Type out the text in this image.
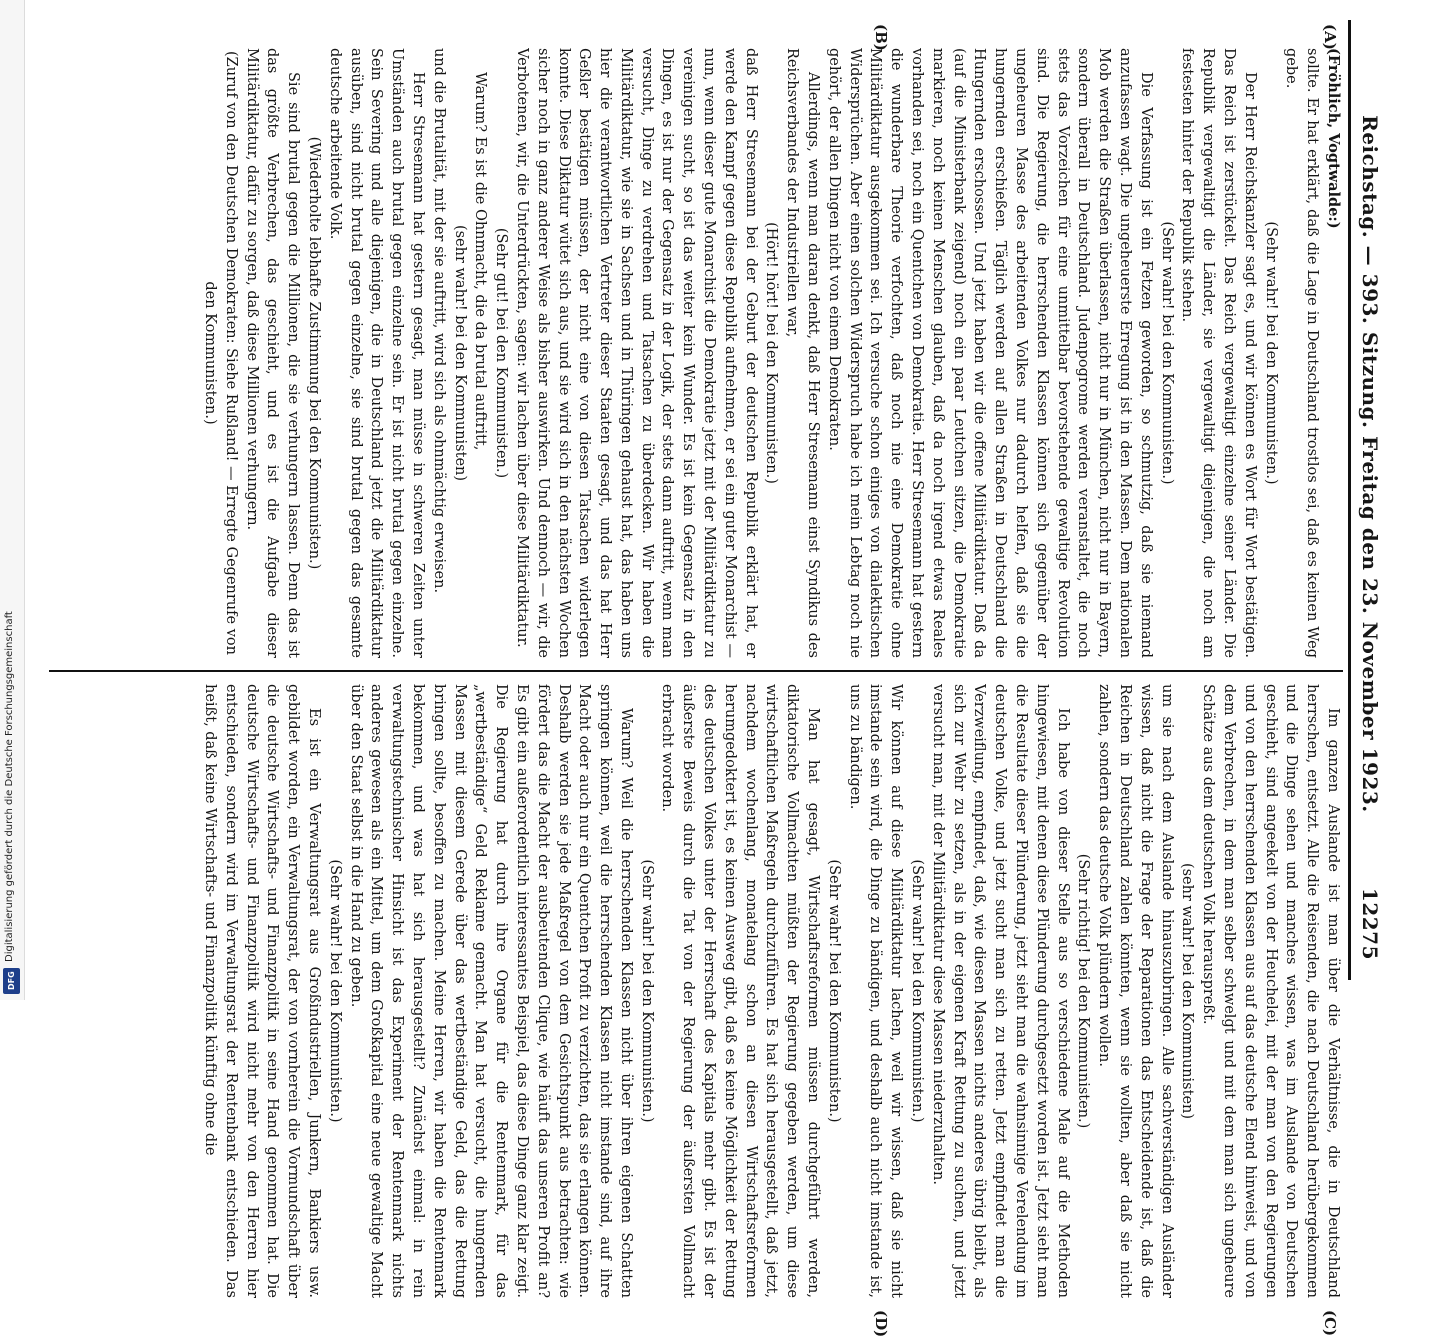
Digitalisierung gefördert durch die Deutsche Forschungsgemeinschaft
DFG
Reichstag. — 393. Sitzung. Freitag den 23. November 1923.
12275
(A)
(B)
(C)
(D)

(Fröhlich, Vogtwalde:)

sollte. Er hat erklärt, daß die Lage in Deutschland trostlos sei, daß es keinen Weg gebe.

(Sehr wahr! bei den Kommunisten.)

Der Herr Reichskanzler sagt es, und wir können es Wort für Wort bestätigen. Das Reich ist zerstückelt. Das Reich vergewaltigt einzelne seiner Länder. Die Republik vergewaltigt die Länder, sie vergewaltigt diejenigen, die noch am festesten hinter der Republik stehen.

(Sehr wahr! bei den Kommunisten.)

Die Verfassung ist ein Fetzen geworden, so schmutzig, daß sie niemand anzufassen wagt. Die ungeheuerste Erregung ist in den Massen. Dem nationalen Mob werden die Straßen überlassen, nicht nur in München, nicht nur in Bayern, sondern überall in Deutschland. Judenpogrome werden veranstaltet, die noch stets das Vorzeichen für eine unmittelbar bevorstehende gewaltige Revolution sind. Die Regierung, die herrschenden Klassen können sich gegenüber der ungeheuren Masse des arbeitenden Volkes nur dadurch helfen, daß sie die hungernden erschießen. Täglich werden auf allen Straßen in Deutschland die Hungernden erschossen. Und jetzt haben wir die offene Militärdiktatur. Daß da (auf die Ministerbank zeigend) noch ein paar Leutchen sitzen, die Demokratie markieren, noch keinen Menschen glauben, daß da noch irgend etwas Reales vorhanden sei, noch ein Quentchen von Demokratie. Herr Stresemann hat gestern die wunderbare Theorie verfochten, daß noch nie eine Demokratie ohne Militärdiktatur ausgekommen sei. Ich versuche schon einiges von dialektischen Widersprüchen. Aber einen solchen Widerspruch habe ich mein Lebtag noch nie gehört, der allen Dingen nicht von einem Demokraten.

Allerdings, wenn man daran denkt, daß Herr Stresemann einst Syndikus des Reichsverbandes der Industriellen war,

(Hört! hört! bei den Kommunisten.)

daß Herr Stresemann bei der Geburt der deutschen Republik erklärt hat, er werde den Kampf gegen diese Republik aufnehmen, er sei ein guter Monarchist — nun, wenn dieser gute Monarchist die Demokratie jetzt mit der Militärdiktatur zu vereinigen sucht, so ist das weiter kein Wunder. Es ist kein Gegensatz in den Dingen, es ist nur der Gegensatz in der Logik, der stets dann auftritt, wenn man versucht, Dinge zu verdrehen und Tatsachen zu überdecken. Wir haben die Militärdiktatur, wie sie in Sachsen und in Thüringen gehaust hat, das haben uns hier die verantwortlichen Vertreter dieser Staaten gesagt, und das hat Herr Geßler bestätigen müssen, der nicht eine von diesen Tatsachen widerlegen konnte. Diese Diktatur wütet sich aus, und sie wird sich in den nächsten Wochen sicher noch in ganz anderer Weise als bisher auswirken. Und dennoch — wir, die Verbotenen, wir, die Unterdrückten, sagen: wir lachen über diese Militärdiktatur.

(Sehr gut! bei den Kommunisten.)

Warum? Es ist die Ohnmacht, die da brutal auftritt,

(sehr wahr! bei den Kommunisten)

und die Brutalität, mit der sie auftritt, wird sich als ohnmächtig erweisen.

Herr Stresemann hat gestern gesagt, man müsse in schweren Zeiten unter Umständen auch brutal gegen einzelne sein. Er ist nicht brutal gegen einzelne. Sein Severing und alle diejenigen, die in Deutschland jetzt die Militärdiktatur ausüben, sind nicht brutal gegen einzelne, sie sind brutal gegen das gesamte deutsche arbeitende Volk.

(Wiederholte lebhafte Zustimmung bei den Kommunisten.)

Sie sind brutal gegen die Millionen, die sie verhungern lassen. Denn das ist das größte Verbrechen, das geschieht, und es ist die Aufgabe dieser Militärdiktatur, dafür zu sorgen, daß diese Millionen verhungern.

(Zuruf von den Deutschen Demokraten: Siehe Rußland! — Erregte Gegenrufe von den Kommunisten.)

Im ganzen Auslande ist man über die Verhältnisse, die in Deutschland herrschen, entsetzt. Alle die Reisenden, die nach Deutschland herübergekommen und die Dinge sehen und manches wissen, was im Auslande von Deutschen geschieht, sind angeekelt von der Heuchelei, mit der man von den Regierungen und von den herrschenden Klassen aus auf das deutsche Elend hinweist, und von dem Verbrechen, in dem man selber schwelgt und mit dem man sich ungeheure Schätze aus dem deutschen Volk herauspreßt.

(sehr wahr! bei den Kommunisten)

um sie nach dem Auslande hinauszubringen. Alle sachverständigen Ausländer wissen, daß nicht die Frage der Reparationen das Entscheidende ist, daß die Reichen in Deutschland zahlen könnten, wenn sie wollten, aber daß sie nicht zahlen, sondern das deutsche Volk plündern wollen.

(Sehr richtig! bei den Kommunisten.)

Ich habe von dieser Stelle aus so verschiedene Male auf die Methoden hingewiesen, mit denen diese Plünderung durchgesetzt worden ist. Jetzt sieht man die Resultate dieser Plünderung, jetzt sieht man die wahnsinnige Verelendung im deutschen Volke, und jetzt sucht man sich zu retten. Jetzt empfindet man die Verzweiflung, empfindet, daß, wie diesen Massen nichts anderes übrig bleibt, als sich zur Wehr zu setzen, als in der eigenen Kraft Rettung zu suchen, und jetzt versucht man, mit der Militärdiktatur diese Massen niederzuhalten.

(Sehr wahr! bei den Kommunisten.)

Wir können auf diese Militärdiktatur lachen, weil wir wissen, daß sie nicht imstande sein wird, die Dinge zu bändigen, und deshalb auch nicht imstande ist, uns zu bändigen.

(Sehr wahr! bei den Kommunisten.)

Man hat gesagt, Wirtschaftsreformen müssen durchgeführt werden, diktatorische Vollmachten müßten der Regierung gegeben werden, um diese wirtschaftlichen Maßregeln durchzuführen. Es hat sich herausgestellt, daß jetzt, nachdem wochenlang, monatelang schon an diesen Wirtschaftsreformen herumgedoktert ist, es keinen Ausweg gibt, daß es keine Möglichkeit der Rettung des deutschen Volkes unter der Herrschaft des Kapitals mehr gibt. Es ist der äußerste Beweis durch die Tat von der Regierung der äußersten Vollmacht erbracht worden.

(Sehr wahr! bei den Kommunisten.)

Warum? Weil die herrschenden Klassen nicht über ihren eigenen Schatten springen können, weil die herrschenden Klassen nicht imstande sind, auf ihre Macht oder auch nur ein Quentchen Profit zu verzichten, das sie erlangen können. Deshalb werden sie jede Maßregel von dem Gesichtspunkt aus betrachten: wie fördert das die Macht der ausbeutenden Clique, wie häuft das unseren Profit an? Es gibt ein außerordentlich interessantes Beispiel, das diese Dinge ganz klar zeigt. Die Regierung hat durch ihre Organe für die Rentenmark, für das „wertbeständige“ Geld Reklame gemacht. Man hat versucht, die hungernden Massen mit diesem Gerede über das wertbeständige Geld, das die Rettung bringen sollte, besoffen zu machen. Meine Herren, wir haben die Rentenmark bekommen, und was hat sich herausgestellt? Zunächst einmal: in rein verwaltungstechnischer Hinsicht ist das Experiment der Rentenmark nichts anderes gewesen als ein Mittel, um dem Großkapital eine neue gewaltige Macht über den Staat selbst in die Hand zu geben.

(Sehr wahr! bei den Kommunisten.)

Es ist ein Verwaltungsrat aus Großindustriellen, Junkern, Bankiers usw. gebildet worden, ein Verwaltungsrat, der von vornherein die Vormundschaft über die deutsche Wirtschafts- und Finanzpolitik in seine Hand genommen hat. Die deutsche Wirtschafts- und Finanzpolitik wird nicht mehr von den Herren hier entschieden, sondern wird im Verwaltungsrat der Rentenbank entschieden. Das heißt, daß keine Wirtschafts- und Finanzpolitik künftig ohne die
